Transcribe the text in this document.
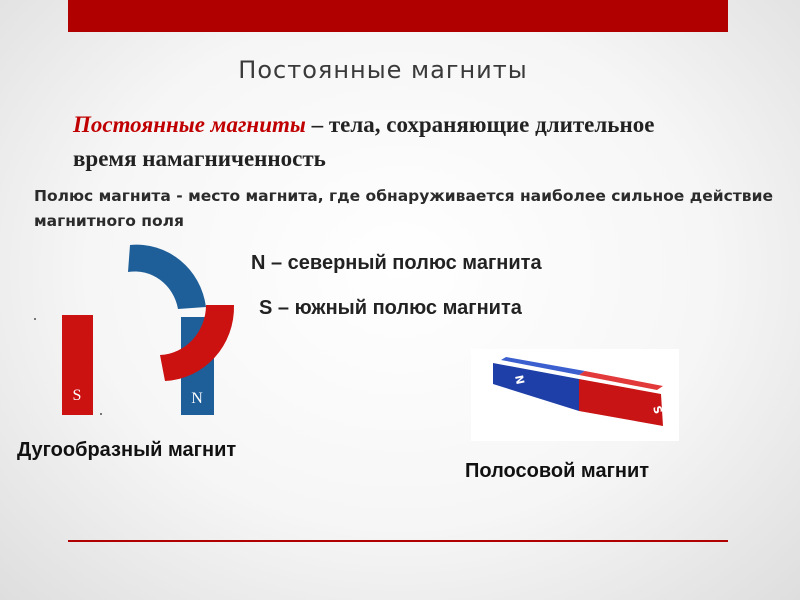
Постоянные магниты
Постоянные магниты – тела, сохраняющие длительное время намагниченность
Полюс магнита - место магнита, где обнаруживается наиболее сильное действие магнитного поля
N – северный полюс магнита
S – южный полюс магнита
S	N
Дугообразный магнит
N
S
Полосовой магнит
